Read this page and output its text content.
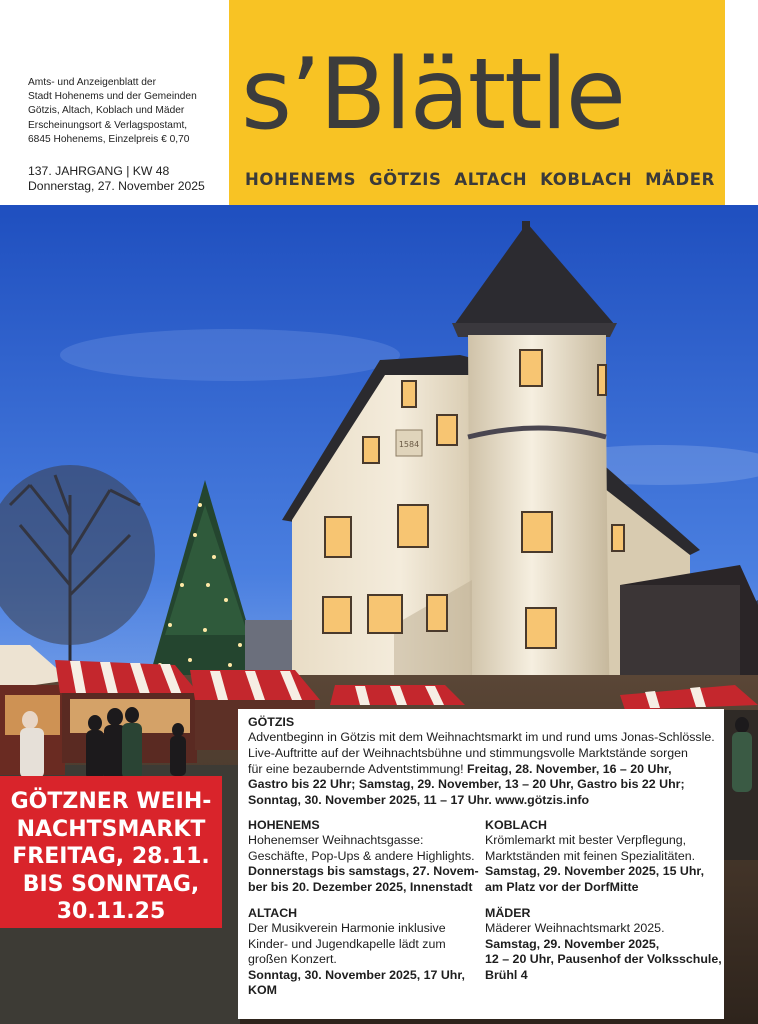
Amts- und Anzeigenblatt der
Stadt Hohenems und der Gemeinden
Götzis, Altach, Koblach und Mäder
Erscheinungsort & Verlagspostamt,
6845 Hohenems, Einzelpreis € 0,70
137. JAHRGANG | KW 48
Donnerstag, 27. November 2025
s’Blättle
HOHENEMS GÖTZIS ALTACH KOBLACH MÄDER
1584
GÖTZNER WEIH-
NACHTSMARKT
FREITAG, 28.11.
BIS SONNTAG,
30.11.25
GÖTZIS
Adventbeginn in Götzis mit dem Weihnachtsmarkt im und rund ums Jonas-Schlössle.
Live-Auftritte auf der Weihnachtsbühne und stimmungsvolle Marktstände sorgen
für eine bezaubernde Adventstimmung! Freitag, 28. November, 16 – 20 Uhr,
Gastro bis 22 Uhr; Samstag, 29. November, 13 – 20 Uhr, Gastro bis 22 Uhr;
Sonntag, 30. November 2025, 11 – 17 Uhr. www.götzis.info
HOHENEMS
Hohenemser Weihnachtsgasse:
Geschäfte, Pop-Ups & andere Highlights.
Donnerstags bis samstags, 27. Novem-
ber bis 20. Dezember 2025, Innenstadt
KOBLACH
Krömlemarkt mit bester Verpflegung,
Marktständen mit feinen Spezialitäten.
Samstag, 29. November 2025, 15 Uhr,
am Platz vor der DorfMitte
ALTACH
Der Musikverein Harmonie inklusive
Kinder- und Jugendkapelle lädt zum
großen Konzert.
Sonntag, 30. November 2025, 17 Uhr,
KOM
MÄDER
Mäderer Weihnachtsmarkt 2025.
Samstag, 29. November 2025,
12 – 20 Uhr, Pausenhof der Volksschule,
Brühl 4
